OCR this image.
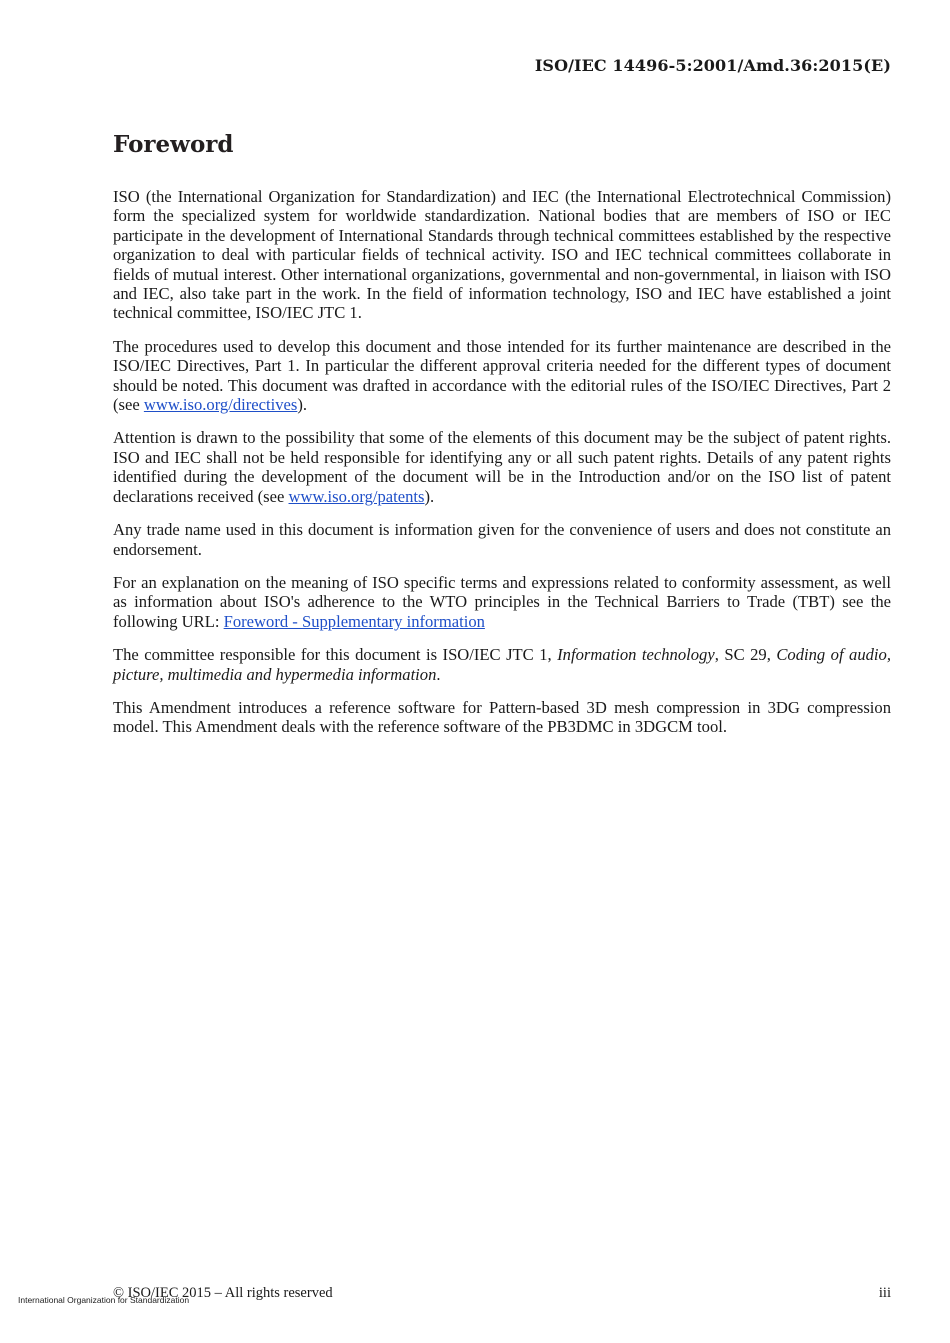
ISO/IEC 14496-5:2001/Amd.36:2015(E)
Foreword

ISO (the International Organization for Standardization) and IEC (the International Electrotechnical Commission) form the specialized system for worldwide standardization. National bodies that are members of ISO or IEC participate in the development of International Standards through technical committees established by the respective organization to deal with particular fields of technical activity. ISO and IEC technical committees collaborate in fields of mutual interest. Other international organizations, governmental and non-governmental, in liaison with ISO and IEC, also take part in the work. In the field of information technology, ISO and IEC have established a joint technical committee, ISO/IEC JTC 1.

The procedures used to develop this document and those intended for its further maintenance are described in the ISO/IEC Directives, Part 1. In particular the different approval criteria needed for the different types of document should be noted. This document was drafted in accordance with the editorial rules of the ISO/IEC Directives, Part 2 (see www.iso.org/directives).

Attention is drawn to the possibility that some of the elements of this document may be the subject of patent rights. ISO and IEC shall not be held responsible for identifying any or all such patent rights. Details of any patent rights identified during the development of the document will be in the Introduction and/or on the ISO list of patent declarations received (see www.iso.org/patents).

Any trade name used in this document is information given for the convenience of users and does not constitute an endorsement.

For an explanation on the meaning of ISO specific terms and expressions related to conformity assessment, as well as information about ISO's adherence to the WTO principles in the Technical Barriers to Trade (TBT) see the following URL: Foreword - Supplementary information

The committee responsible for this document is ISO/IEC JTC 1, Information technology, SC 29, Coding of audio, picture, multimedia and hypermedia information.

This Amendment introduces a reference software for Pattern-based 3D mesh compression in 3DG compression model. This Amendment deals with the reference software of the PB3DMC in 3DGCM tool.

© ISO/IEC 2015 – All rights reserved
International Organization for Standardization	iii
